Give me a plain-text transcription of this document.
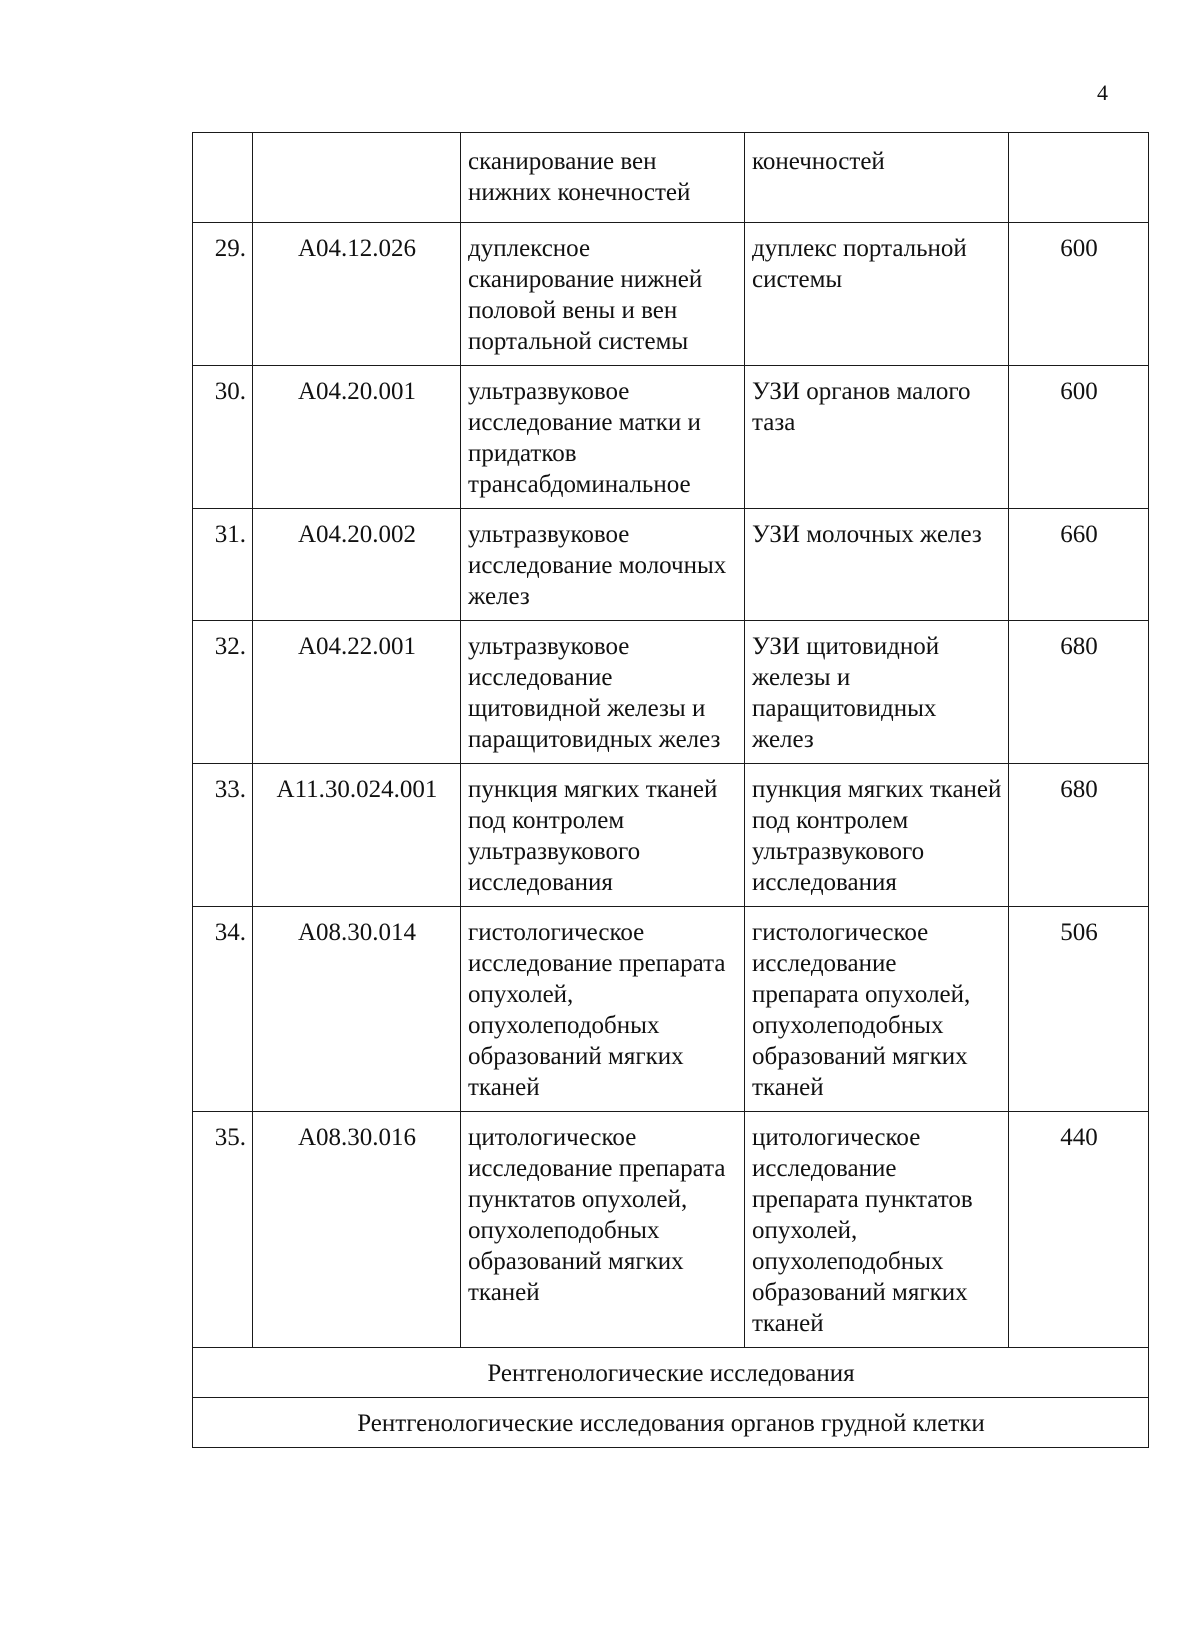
4
		сканирование вен нижних конечностей	конечностей	
29.	A04.12.026	дуплексное сканирование нижней половой вены и вен портальной системы	дуплекс портальной системы	600
30.	A04.20.001	ультразвуковое исследование матки и придатков трансабдоминальное	УЗИ органов малого таза	600
31.	A04.20.002	ультразвуковое исследование молочных желез	УЗИ молочных желез	660
32.	A04.22.001	ультразвуковое исследование щитовидной железы и паращитовидных желез	УЗИ щитовидной железы и паращитовидных желез	680
33.	A11.30.024.001	пункция мягких тканей под контролем ультразвукового исследования	пункция мягких тканей под контролем ультразвукового исследования	680
34.	A08.30.014	гистологическое исследование препарата опухолей, опухолеподобных образований мягких тканей	гистологическое исследование препарата опухолей, опухолеподобных образований мягких тканей	506
35.	A08.30.016	цитологическое исследование препарата пунктатов опухолей, опухолеподобных образований мягких тканей	цитологическое исследование препарата пунктатов опухолей, опухолеподобных образований мягких тканей	440
Рентгенологические исследования				
Рентгенологические исследования органов грудной клетки				
